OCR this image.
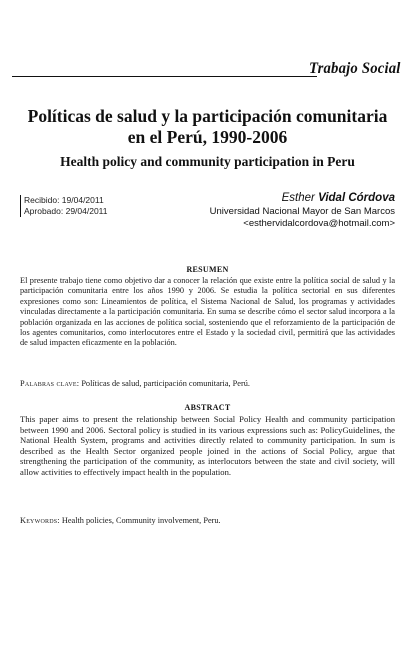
Trabajo Social
Políticas de salud y la participación comunitaria en el Perú, 1990-2006
Health policy and community participation in Peru
Recibido: 19/04/2011
Aprobado: 29/04/2011
Esther Vidal Córdova
Universidad Nacional Mayor de San Marcos
<esthervidalcordova@hotmail.com>
RESUMEN
El presente trabajo tiene como objetivo dar a conocer la relación que existe entre la política social de salud y la participación comunitaria entre los años 1990 y 2006. Se estudia la política sectorial en sus diferentes expresiones como son: Lineamientos de política, el Sistema Nacional de Salud, los programas y actividades vinculadas directamente a la participación comunitaria. En suma se describe cómo el sector salud incorpora a la población organizada en las acciones de política social, sosteniendo que el reforzamiento de la participación de los agentes comunitarios, como interlocutores entre el Estado y la sociedad civil, permitirá que las actividades de salud impacten eficazmente en la población.
Palabras clave: Políticas de salud, participación comunitaria, Perú.
ABSTRACT
This paper aims to present the relationship between Social Policy Health and community participation between 1990 and 2006. Sectoral policy is studied in its various expressions such as: PolicyGuidelines, the National Health System, programs and activities directly related to community participation. In sum is described as the Health Sector organized people joined in the actions of Social Policy, argue that strengthening the participation of the community, as interlocutors between the state and civil society, will allow activities to effectively impact health in the population.
Keywords: Health policies, Community involvement, Peru.
